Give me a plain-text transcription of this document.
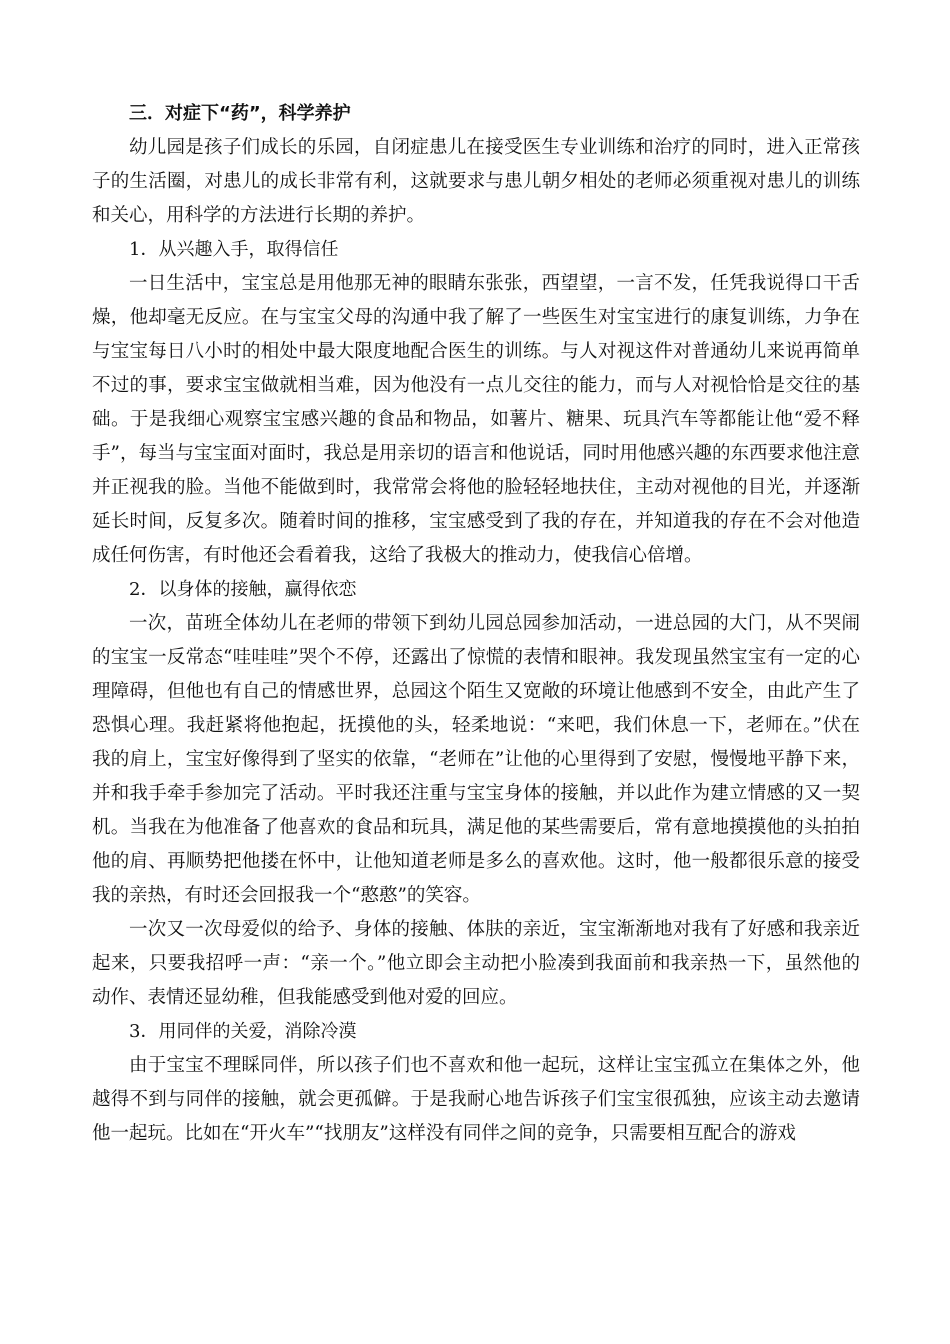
三．对症下“药”，科学养护

幼儿园是孩子们成长的乐园，自闭症患儿在接受医生专业训练和治疗的同时，进入正常孩子的生活圈，对患儿的成长非常有利，这就要求与患儿朝夕相处的老师必须重视对患儿的训练和关心，用科学的方法进行长期的养护。

1．从兴趣入手，取得信任

一日生活中，宝宝总是用他那无神的眼睛东张张，西望望，一言不发，任凭我说得口干舌燥，他却毫无反应。在与宝宝父母的沟通中我了解了一些医生对宝宝进行的康复训练，力争在与宝宝每日八小时的相处中最大限度地配合医生的训练。与人对视这件对普通幼儿来说再简单不过的事，要求宝宝做就相当难，因为他没有一点儿交往的能力，而与人对视恰恰是交往的基础。于是我细心观察宝宝感兴趣的食品和物品，如薯片、糖果、玩具汽车等都能让他“爱不释手”，每当与宝宝面对面时，我总是用亲切的语言和他说话，同时用他感兴趣的东西要求他注意并正视我的脸。当他不能做到时，我常常会将他的脸轻轻地扶住，主动对视他的目光，并逐渐延长时间，反复多次。随着时间的推移，宝宝感受到了我的存在，并知道我的存在不会对他造成任何伤害，有时他还会看着我，这给了我极大的推动力，使我信心倍增。

2．以身体的接触，赢得依恋

一次，苗班全体幼儿在老师的带领下到幼儿园总园参加活动，一进总园的大门，从不哭闹的宝宝一反常态“哇哇哇”哭个不停，还露出了惊慌的表情和眼神。我发现虽然宝宝有一定的心理障碍，但他也有自己的情感世界，总园这个陌生又宽敞的环境让他感到不安全，由此产生了恐惧心理。我赶紧将他抱起，抚摸他的头，轻柔地说：“来吧，我们休息一下，老师在。”伏在我的肩上，宝宝好像得到了坚实的依靠，“老师在”让他的心里得到了安慰，慢慢地平静下来，并和我手牵手参加完了活动。平时我还注重与宝宝身体的接触，并以此作为建立情感的又一契机。当我在为他准备了他喜欢的食品和玩具，满足他的某些需要后，常有意地摸摸他的头拍拍他的肩、再顺势把他搂在怀中，让他知道老师是多么的喜欢他。这时，他一般都很乐意的接受我的亲热，有时还会回报我一个“憨憨”的笑容。

一次又一次母爱似的给予、身体的接触、体肤的亲近，宝宝渐渐地对我有了好感和我亲近起来，只要我招呼一声：“亲一个。”他立即会主动把小脸凑到我面前和我亲热一下，虽然他的动作、表情还显幼稚，但我能感受到他对爱的回应。

3．用同伴的关爱，消除冷漠

由于宝宝不理睬同伴，所以孩子们也不喜欢和他一起玩，这样让宝宝孤立在集体之外，他越得不到与同伴的接触，就会更孤僻。于是我耐心地告诉孩子们宝宝很孤独，应该主动去邀请他一起玩。比如在“开火车”“找朋友”这样没有同伴之间的竞争，只需要相互配合的游戏
